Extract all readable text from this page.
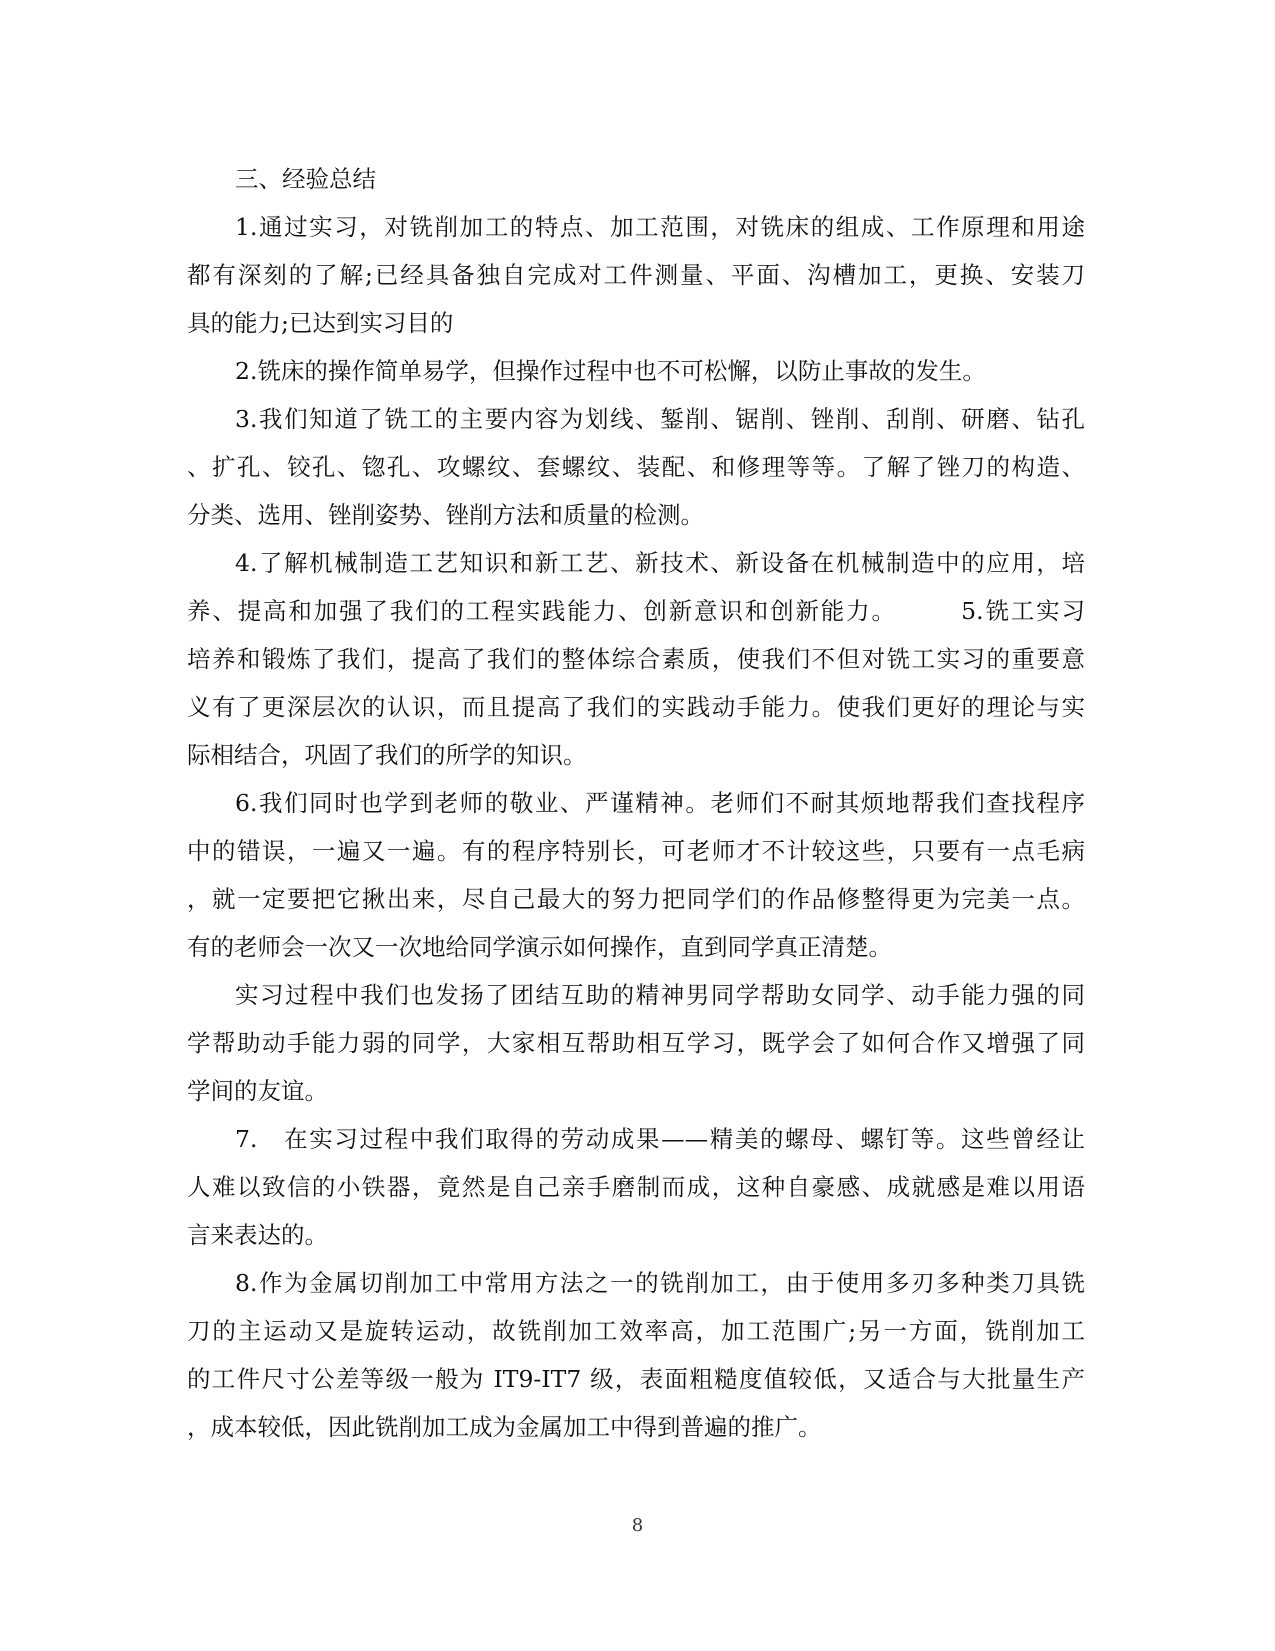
三、经验总结
1.通过实习，对铣削加工的特点、加工范围，对铣床的组成、工作原理和用途
都有深刻的了解;已经具备独自完成对工件测量、平面、沟槽加工，更换、安装刀
具的能力;已达到实习目的
2.铣床的操作简单易学，但操作过程中也不可松懈，以防止事故的发生。
3.我们知道了铣工的主要内容为划线、錾削、锯削、锉削、刮削、研磨、钻孔
、扩孔、铰孔、锪孔、攻螺纹、套螺纹、装配、和修理等等。了解了锉刀的构造、
分类、选用、锉削姿势、锉削方法和质量的检测。
4.了解机械制造工艺知识和新工艺、新技术、新设备在机械制造中的应用，培
养、提高和加强了我们的工程实践能力、创新意识和创新能力。　　　5.铣工实习
培养和锻炼了我们，提高了我们的整体综合素质，使我们不但对铣工实习的重要意
义有了更深层次的认识，而且提高了我们的实践动手能力。使我们更好的理论与实
际相结合，巩固了我们的所学的知识。
6.我们同时也学到老师的敬业、严谨精神。老师们不耐其烦地帮我们查找程序
中的错误，一遍又一遍。有的程序特别长，可老师才不计较这些，只要有一点毛病
，就一定要把它揪出来，尽自己最大的努力把同学们的作品修整得更为完美一点。
有的老师会一次又一次地给同学演示如何操作，直到同学真正清楚。
实习过程中我们也发扬了团结互助的精神男同学帮助女同学、动手能力强的同
学帮助动手能力弱的同学，大家相互帮助相互学习，既学会了如何合作又增强了同
学间的友谊。
7.　在实习过程中我们取得的劳动成果——精美的螺母、螺钉等。这些曾经让
人难以致信的小铁器，竟然是自己亲手磨制而成，这种自豪感、成就感是难以用语
言来表达的。
8.作为金属切削加工中常用方法之一的铣削加工，由于使用多刃多种类刀具铣
刀的主运动又是旋转运动，故铣削加工效率高，加工范围广;另一方面，铣削加工
的工件尺寸公差等级一般为 IT9-IT7 级，表面粗糙度值较低，又适合与大批量生产
，成本较低，因此铣削加工成为金属加工中得到普遍的推广。
8
